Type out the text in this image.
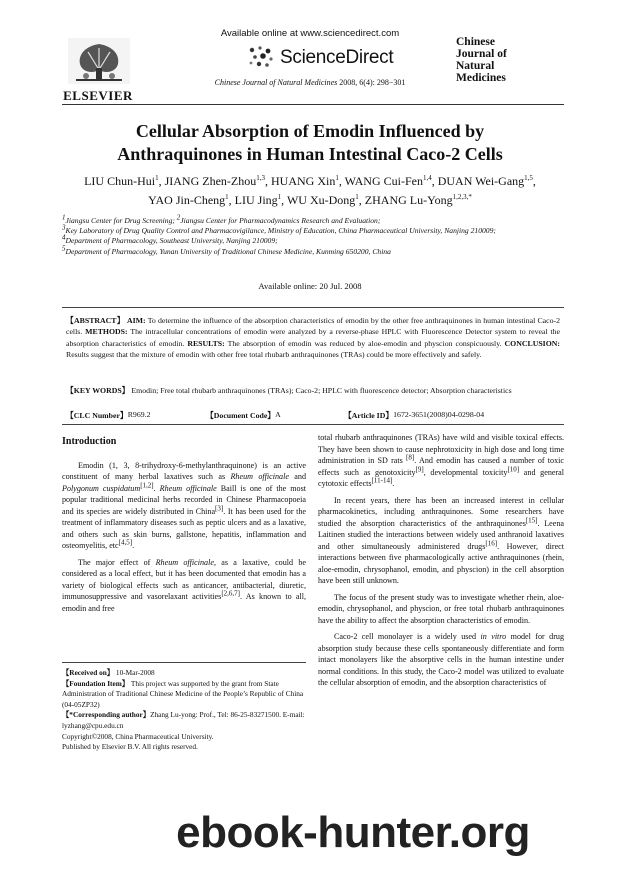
ELSEVIER
Available online at www.sciencedirect.com
ScienceDirect
Chinese Journal of Natural Medicines 2008, 6(4): 298−301
Chinese
Journal of
Natural
Medicines
Cellular Absorption of Emodin Influenced by
Anthraquinones in Human Intestinal Caco-2 Cells
LIU Chun-Hui$^1$, JIANG Zhen-Zhou$^{1,3}$, HUANG Xin$^1$, WANG Cui-Fen$^{1,4}$, DUAN Wei-Gang$^{1,5}$,
YAO Jin-Cheng$^1$, LIU Jing$^1$, WU Xu-Dong$^1$, ZHANG Lu-Yong$^{1,2,3,*}$
$^1$Jiangsu Center for Drug Screening; $^2$Jiangsu Center for Pharmacodynamics Research and Evaluation;
$^3$Key Laboratory of Drug Quality Control and Pharmacovigilance, Ministry of Education, China Pharmaceutical University, Nanjing 210009;
$^4$Department of Pharmacology, Southeast University, Nanjing 210009;
$^5$Department of Pharmacology, Yunan University of Traditional Chinese Medicine, Kunming 650200, China
Available online: 20 Jul. 2008
【ABSTRACT】 AIM: To determine the influence of the absorption characteristics of emodin by the other free anthraquinones in human intestinal Caco-2 cells. METHODS: The intracellular concentrations of emodin were analyzed by a reverse-phase HPLC with Fluorescence Detector system to reveal the absorption characteristics of emodin. RESULTS: The absorption of emodin was reduced by aloe-emodin and physcion conspicuously. CONCLUSION: Results suggest that the mixture of emodin with other free total rhubarb anthraquinones (TRAs) could be more effectively and safely.
【KEY WORDS】 Emodin; Free total rhubarb anthraquinones (TRAs); Caco-2; HPLC with fluorescence detector; Absorption characteristics
【CLC Number】 R969.2	【Document Code】 A	【Article ID】 1672-3651(2008)04-0298-04
Introduction

Emodin (1, 3, 8-trihydroxy-6-methylanthraquinone) is an active constituent of many herbal laxatives such as Rheum officinale and Polygonum cuspidatum[1,2]. Rheum officinale Baill is one of the most popular traditional medicinal herbs recorded in Chinese Pharmacopoeia and its species are widely distributed in China[3]. It has been used for the treatment of inflammatory diseases such as peptic ulcers and as a laxative, and others such as skin burns, gallstone, hepatitis, inflammation and osteomyelitis, etc[4,5].

The major effect of Rheum officinale, as a laxative, could be considered as a local effect, but it has been documented that emodin has a variety of biological effects such as anticancer, antibacterial, diuretic, immunosuppressive and vasorelaxant activities[2,6,7]. As known to all, emodin and free

【Received on】 10-Mar-2008
【Foundation Item】 This project was supported by the grant from State Administration of Traditional Chinese Medicine of the People’s Republic of China (04-05ZP32)
【*Corresponding author】Zhang Lu-yong: Prof., Tel: 86-25-83271500. E-mail: lyzhang@cpu.edu.cn
Copyright©2008, China Pharmaceutical University.
Published by Elsevier B.V. All rights reserved.

total rhubarb anthraquinones (TRAs) have wild and visible toxical effects. They have been shown to cause nephrotoxicity in high dose and long time administration in SD rats [8]. And emodin has caused a number of toxic effects such as genotoxicity[9], developmental toxicity[10] and general cytotoxic effects[11-14].

In recent years, there has been an increased interest in cellular pharmacokinetics, including anthraquinones. Some researchers have studied the absorption characteristics of the anthraquinones[15]. Leena Laitinen studied the interactions between widely used anthranoid laxatives and other simultaneously administered drugs[16]. However, direct interactions between five pharmacologically active anthraquinones (rhein, aloe-emodin, chrysophanol, emodin, and physcion) in the cell absorption have been still unknown.

The focus of the present study was to investigate whether rhein, aloe-emodin, chrysophanol, and physcion, or free total rhubarb anthraquinones have the ability to affect the absorption characteristics of emodin.

Caco-2 cell monolayer is a widely used in vitro model for drug absorption study because these cells spontaneously differentiate and form intact monolayers like the absorptive cells in the human intestine under normal conditions. In this study, the Caco-2 model was utilized to evaluate the cellular absorption of emodin, and the absorption characteristics of

ebook-hunter.org
